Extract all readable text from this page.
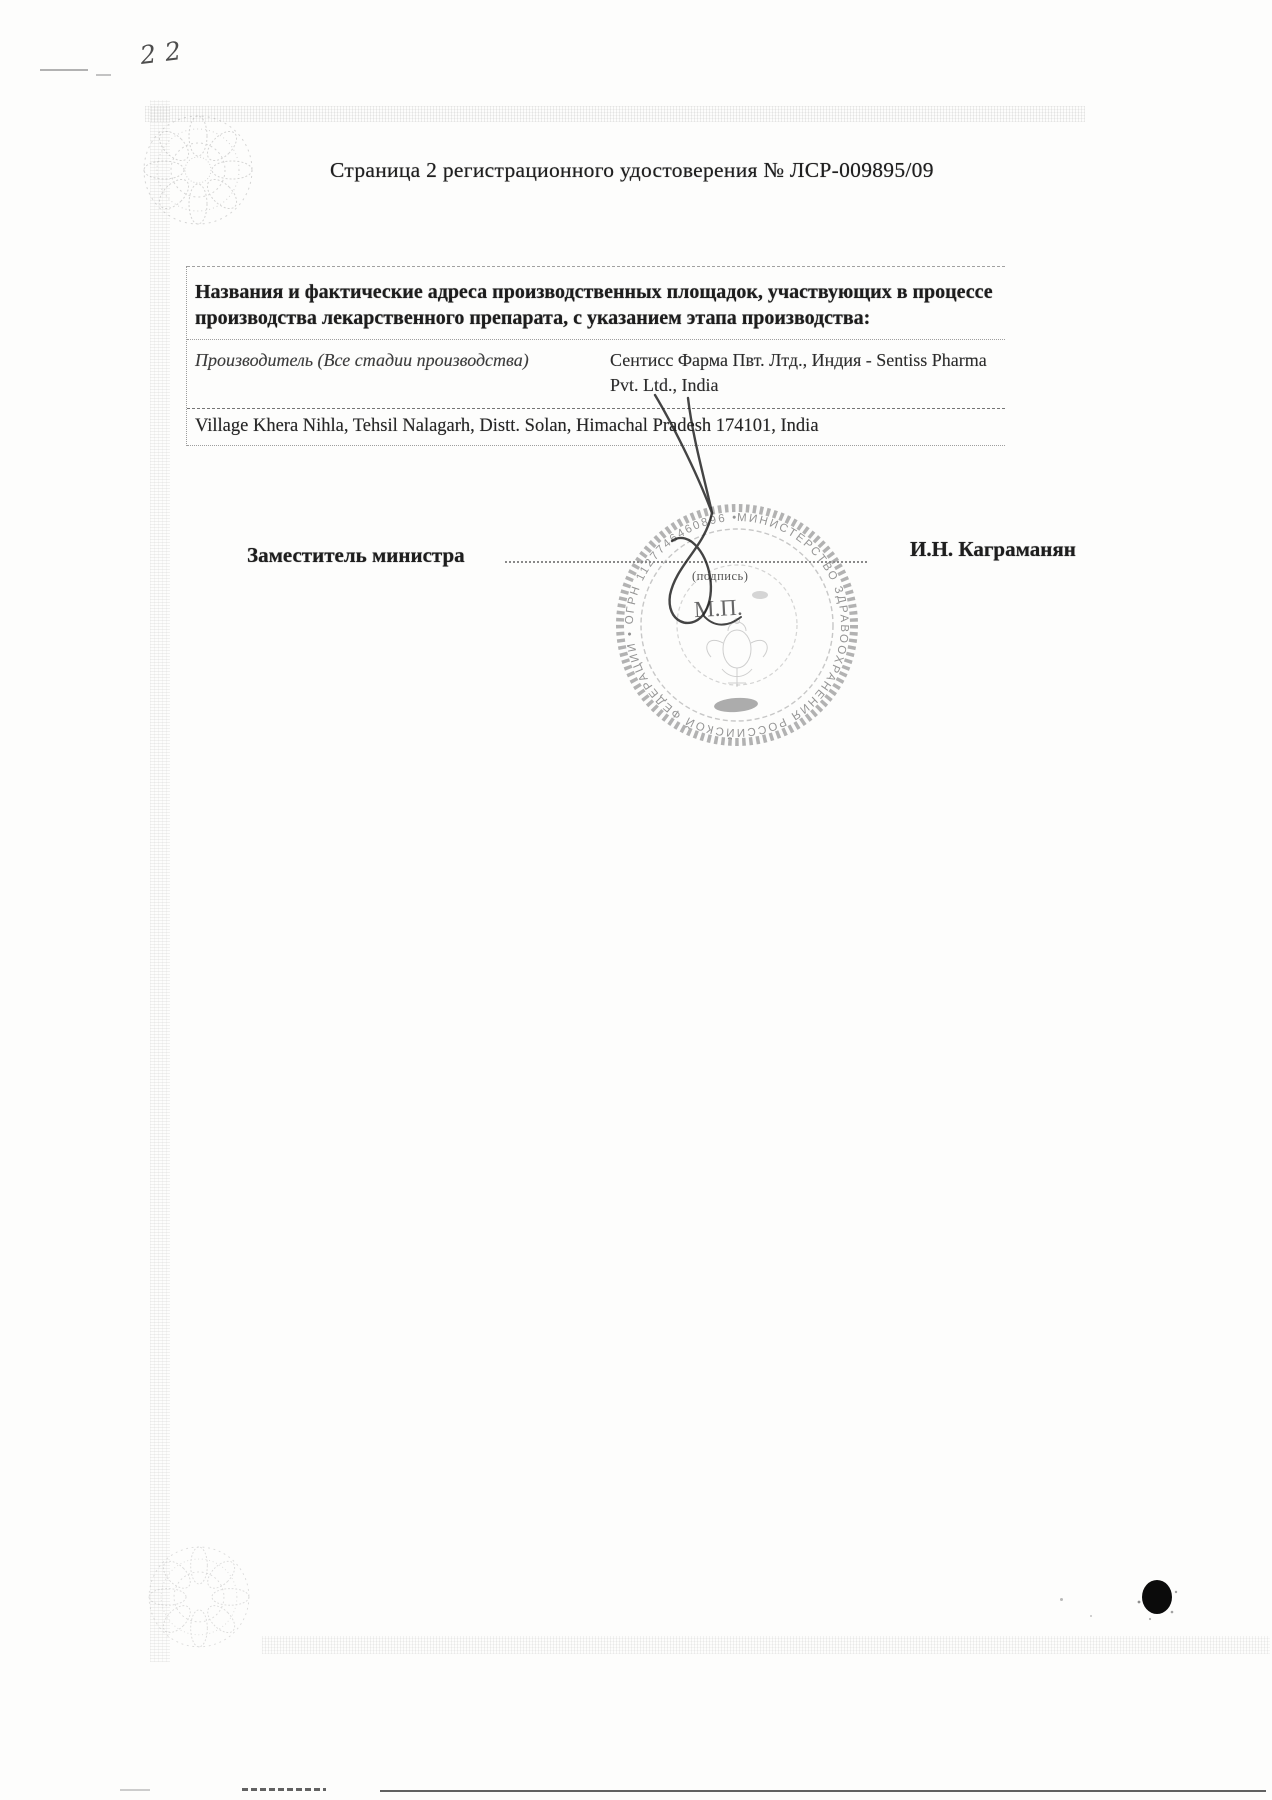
22
Страница 2 регистрационного удостоверения № ЛСР-009895/09
Названия и фактические адреса производственных площадок, участвующих в процессе
производства лекарственного препарата, с указанием этапа производства:
Производитель (Все стадии производства)	Сентисс Фарма Пвт. Лтд., Индия - Sentiss Pharma
Pvt. Ltd., India
Village Khera Nihla, Tehsil Nalagarh, Distt. Solan, Himachal Pradesh 174101, India
Заместитель министра
(подпись)
И.Н. Каграманян
МИНИСТЕРСТВО ЗДРАВООХРАНЕНИЯ РОССИЙСКОЙ ФЕДЕРАЦИИ • ОГРН 1127746460896 •
М.П.
